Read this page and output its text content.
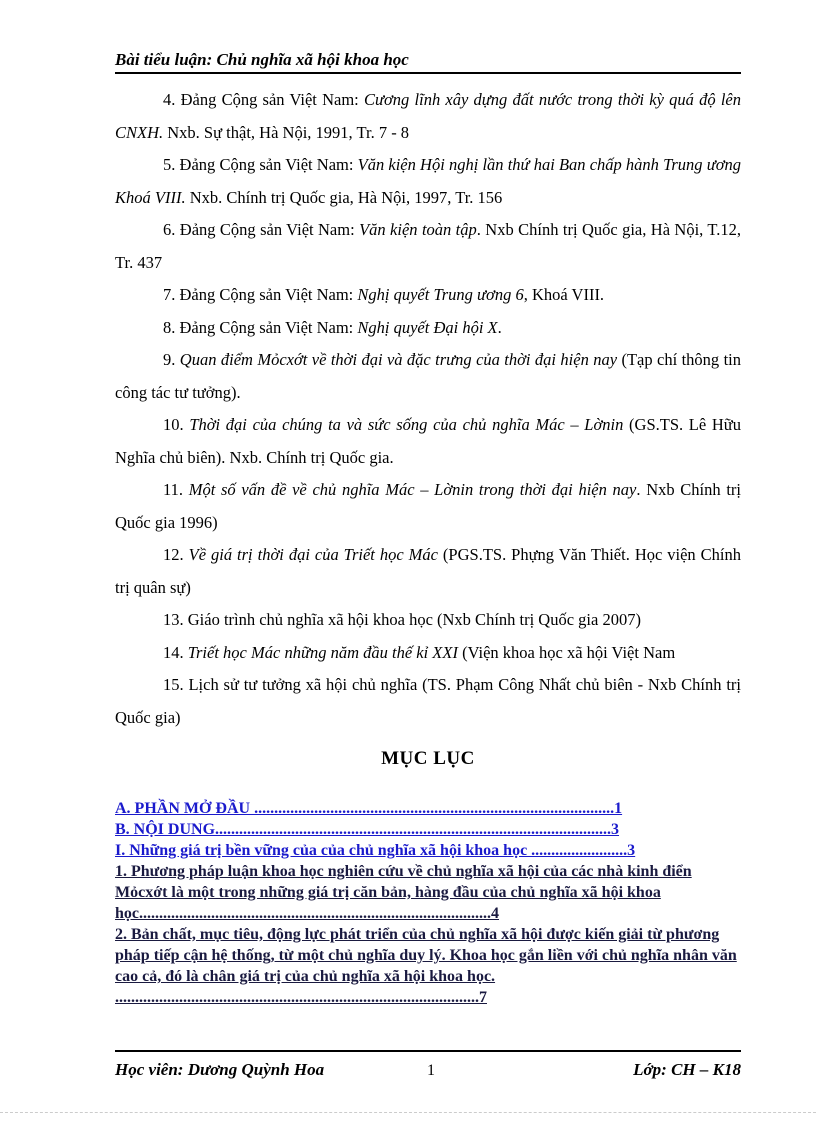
Bài tiểu luận: Chủ nghĩa xã hội khoa học

4. Đảng Cộng sản Việt Nam: Cương lĩnh xây dựng đất nước trong thời kỳ quá độ lên CNXH. Nxb. Sự thật, Hà Nội, 1991, Tr. 7 - 8

5. Đảng Cộng sản Việt Nam: Văn kiện Hội nghị lần thứ hai Ban chấp hành Trung ương Khoá VIII. Nxb. Chính trị Quốc gia, Hà Nội, 1997, Tr. 156

6. Đảng Cộng sản Việt Nam: Văn kiện toàn tập. Nxb Chính trị Quốc gia, Hà Nội, T.12, Tr. 437

7. Đảng Cộng sản Việt Nam: Nghị quyết Trung ương 6, Khoá VIII.

8. Đảng Cộng sản Việt Nam: Nghị quyết Đại hội X.

9. Quan điểm Mỏcxớt về thời đại và đặc trưng của thời đại hiện nay (Tạp chí thông tin công tác tư tưởng).

10. Thời đại của chúng ta và sức sống của chủ nghĩa Mác – Lờnin (GS.TS. Lê Hữu Nghĩa chủ biên). Nxb. Chính trị Quốc gia.

11. Một số vấn đề về chủ nghĩa Mác – Lờnin trong thời đại hiện nay. Nxb Chính trị Quốc gia 1996)

12. Về giá trị thời đại của Triết học Mác (PGS.TS. Phựng Văn Thiết. Học viện Chính trị quân sự)

13. Giáo trình chủ nghĩa xã hội khoa học (Nxb Chính trị Quốc gia 2007)

14. Triết học Mác những năm đầu thế kỉ XXI (Viện khoa học xã hội Việt Nam

15. Lịch sử tư tưởng xã hội chủ nghĩa (TS. Phạm Công Nhất chủ biên - Nxb Chính trị Quốc gia)

MỤC LỤC
A. PHẦN MỞ ĐẦU ..........................................................................................1
B. NỘI DUNG...................................................................................................3
I. Những giá trị bền vững của của chủ nghĩa xã hội khoa học ........................3
1. Phương pháp luận khoa học nghiên cứu về chủ nghĩa xã hội của các nhà kinh điển Mỏcxớt là một trong những giá trị căn bản, hàng đầu của chủ nghĩa xã hội khoa học........................................................................................4
2. Bản chất, mục tiêu, động lực phát triển của chủ nghĩa xã hội được kiến giải từ phương pháp tiếp cận hệ thống, từ một chủ nghĩa duy lý. Khoa học gắn liền với chủ nghĩa nhân văn cao cả, đó là chân giá trị của chủ nghĩa xã hội khoa học. ...........................................................................................7
Học viên: Dương Quỳnh Hoa	1	Lớp: CH – K18
